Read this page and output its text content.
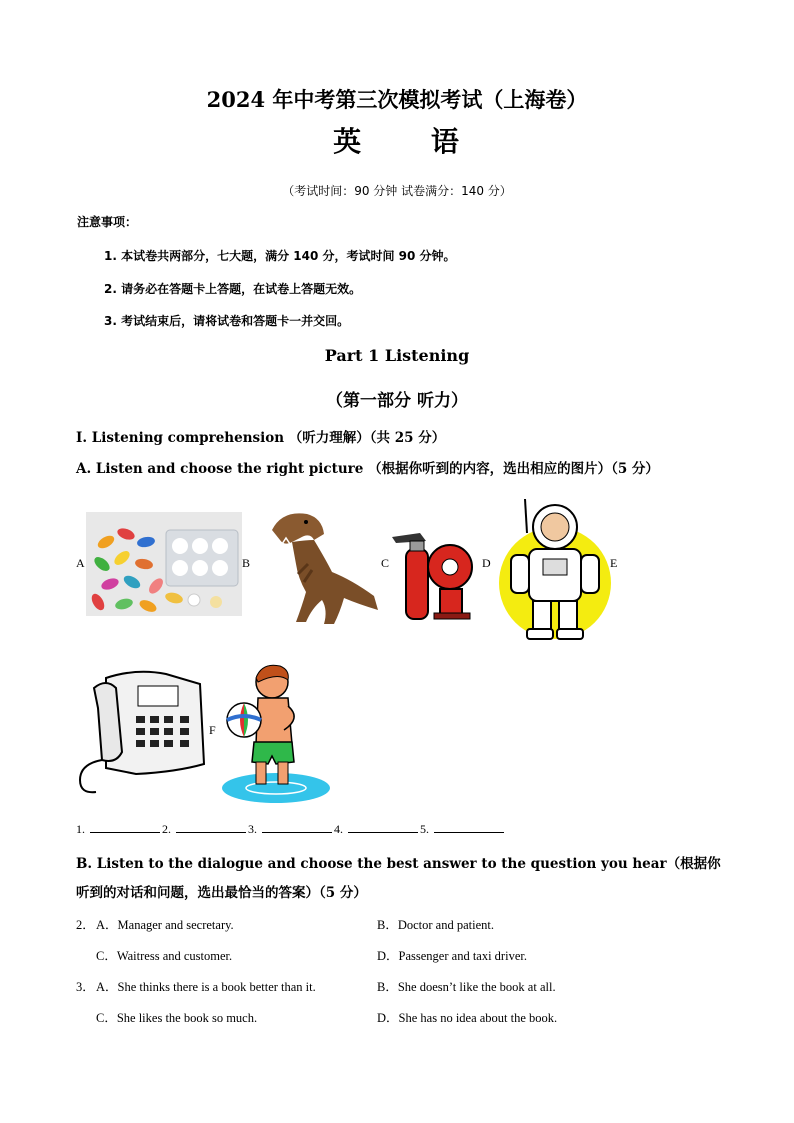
2024 年中考第三次模拟考试（上海卷）
英 语
（考试时间：90 分钟 试卷满分：140 分）
注意事项：
1. 本试卷共两部分，七大题，满分 140 分，考试时间 90 分钟。
2. 请务必在答题卡上答题，在试卷上答题无效。
3. 考试结束后，请将试卷和答题卡一并交回。
Part 1 Listening
（第一部分 听力）
I. Listening comprehension （听力理解）（共 25 分）
A. Listen and choose the right picture （根据你听到的内容，选出相应的图片）（5 分）
A	B	C	D	E
F
1.	2.	3.	4.	5.
B. Listen to the dialogue and choose the best answer to the question you hear（根据你听到的对话和问题，选出最恰当的答案）（5 分）
2． A．Manager and secretary.	B．Doctor and patient.
C．Waitress and customer.	D．Passenger and taxi driver.
3． A．She thinks there is a book better than it.	B．She doesn’t like the book at all.
C．She likes the book so much.	D．She has no idea about the book.
